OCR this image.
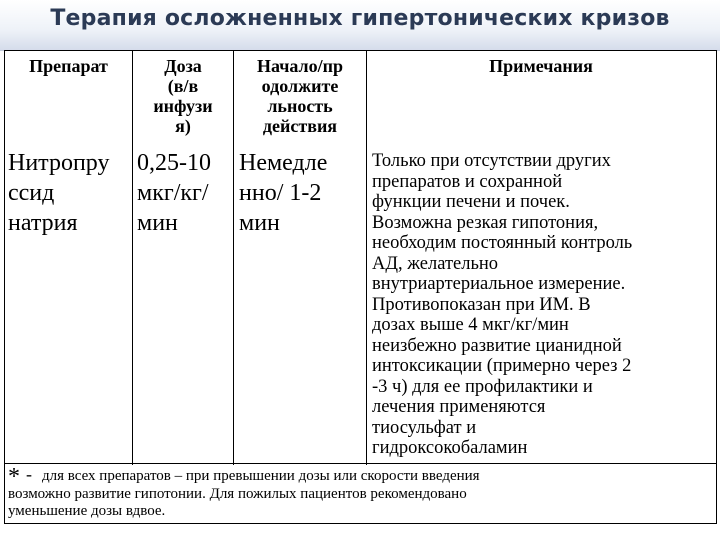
Терапия осложненных гипертонических кризов
Препарат	Доза
(в/в
инфузи
я)
Начало/пр
одолжите
льность
действия
Примечания
Нитропру
ссид
натрия
0,25-10
мкг/кг/
мин
Немедле
нно/ 1-2
мин
Только при отсутствии других
препаратов и сохранной
функции печени и почек.
Возможна резкая гипотония,
необходим постоянный контроль
АД, желательно
внутриартериальное измерение.
Противопоказан при ИМ. В
дозах выше 4 мкг/кг/мин
неизбежно развитие цианидной
интоксикации (примерно через 2
-3 ч) для ее профилактики и
лечения применяются
тиосульфат и
гидроксокобаламин
* - для всех препаратов – при превышении дозы или скорости введения
возможно развитие гипотонии. Для пожилых пациентов рекомендовано
уменьшение дозы вдвое.
